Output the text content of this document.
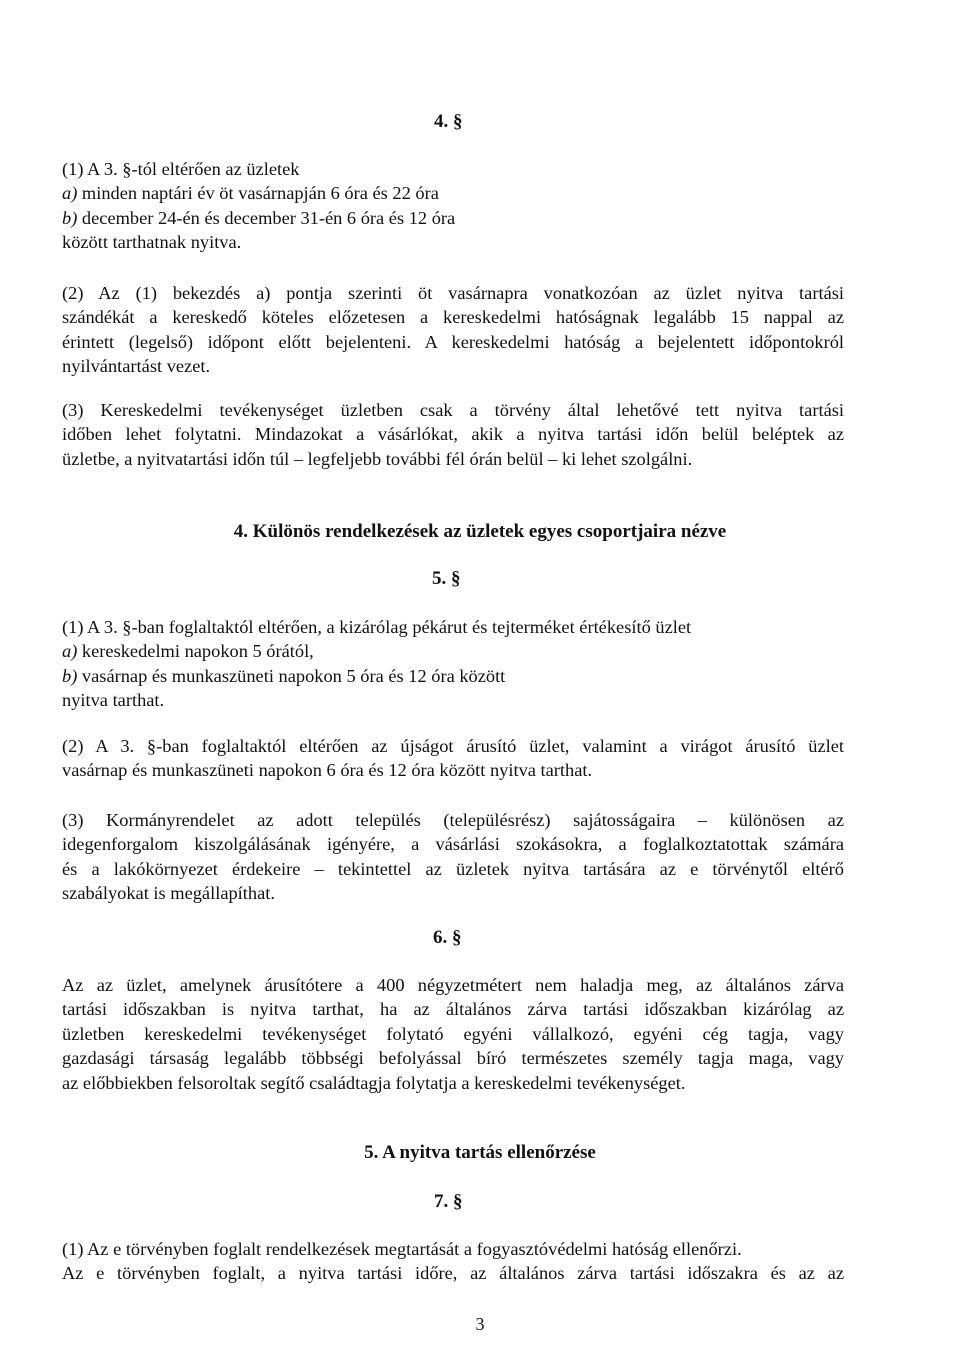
4. §
(1) A 3. §-tól eltérően az üzletek
a) minden naptári év öt vasárnapján 6 óra és 22 óra
b) december 24-én és december 31-én 6 óra és 12 óra
között tarthatnak nyitva.
(2) Az (1) bekezdés a) pontja szerinti öt vasárnapra vonatkozóan az üzlet nyitva tartási
szándékát a kereskedő köteles előzetesen a kereskedelmi hatóságnak legalább 15 nappal az
érintett (legelső) időpont előtt bejelenteni. A kereskedelmi hatóság a bejelentett időpontokról
nyilvántartást vezet.
(3) Kereskedelmi tevékenységet üzletben csak a törvény által lehetővé tett nyitva tartási
időben lehet folytatni. Mindazokat a vásárlókat, akik a nyitva tartási időn belül beléptek az
üzletbe, a nyitvatartási időn túl – legfeljebb további fél órán belül – ki lehet szolgálni.
4. Különös rendelkezések az üzletek egyes csoportjaira nézve
5. §
(1) A 3. §-ban foglaltaktól eltérően, a kizárólag pékárut és tejterméket értékesítő üzlet
a) kereskedelmi napokon 5 órától,
b) vasárnap és munkaszüneti napokon 5 óra és 12 óra között
nyitva tarthat.
(2) A 3. §-ban foglaltaktól eltérően az újságot árusító üzlet, valamint a virágot árusító üzlet
vasárnap és munkaszüneti napokon 6 óra és 12 óra között nyitva tarthat.
(3) Kormányrendelet az adott település (településrész) sajátosságaira – különösen az
idegenforgalom kiszolgálásának igényére, a vásárlási szokásokra, a foglalkoztatottak számára
és a lakókörnyezet érdekeire – tekintettel az üzletek nyitva tartására az e törvénytől eltérő
szabályokat is megállapíthat.
6. §
Az az üzlet, amelynek árusítótere a 400 négyzetmétert nem haladja meg, az általános zárva
tartási időszakban is nyitva tarthat, ha az általános zárva tartási időszakban kizárólag az
üzletben kereskedelmi tevékenységet folytató egyéni vállalkozó, egyéni cég tagja, vagy
gazdasági társaság legalább többségi befolyással bíró természetes személy tagja maga, vagy
az előbbiekben felsoroltak segítő családtagja folytatja a kereskedelmi tevékenységet.
5. A nyitva tartás ellenőrzése
7. §
(1) Az e törvényben foglalt rendelkezések megtartását a fogyasztóvédelmi hatóság ellenőrzi.
Az e törvényben foglalt, a nyitva tartási időre, az általános zárva tartási időszakra és az az
3
